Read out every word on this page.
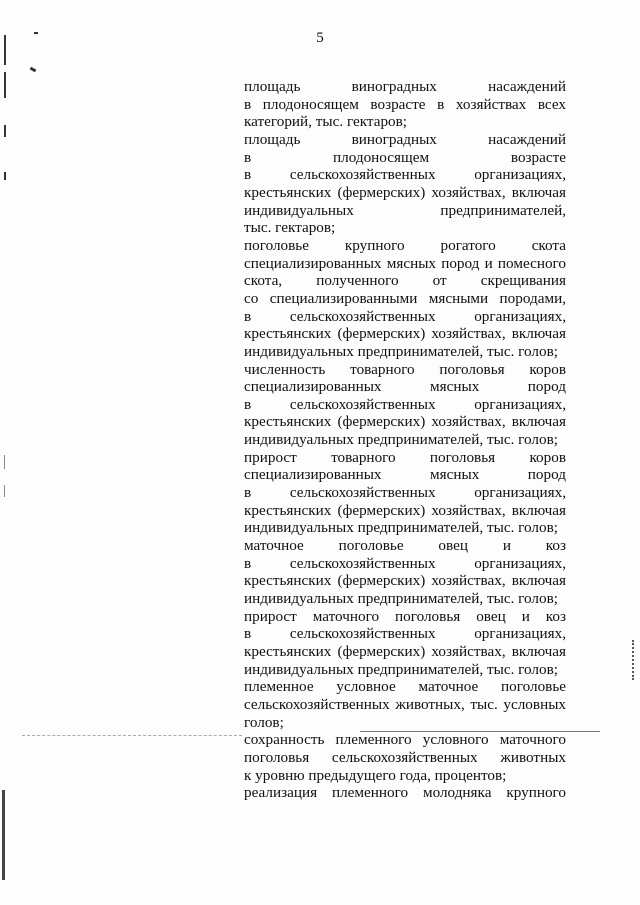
5

площадь виноградных насаждений
в плодоносящем возрасте в хозяйствах всех
категорий, тыс. гектаров;

площадь виноградных насаждений
в плодоносящем возрасте
в сельскохозяйственных организациях,
крестьянских (фермерских) хозяйствах, включая
индивидуальных предпринимателей,
тыс. гектаров;

поголовье крупного рогатого скота
специализированных мясных пород и помесного
скота, полученного от скрещивания
со специализированными мясными породами,
в сельскохозяйственных организациях,
крестьянских (фермерских) хозяйствах, включая
индивидуальных предпринимателей, тыс. голов;

численность товарного поголовья коров
специализированных мясных пород
в сельскохозяйственных организациях,
крестьянских (фермерских) хозяйствах, включая
индивидуальных предпринимателей, тыс. голов;

прирост товарного поголовья коров
специализированных мясных пород
в сельскохозяйственных организациях,
крестьянских (фермерских) хозяйствах, включая
индивидуальных предпринимателей, тыс. голов;

маточное поголовье овец и коз
в сельскохозяйственных организациях,
крестьянских (фермерских) хозяйствах, включая
индивидуальных предпринимателей, тыс. голов;

прирост маточного поголовья овец и коз
в сельскохозяйственных организациях,
крестьянских (фермерских) хозяйствах, включая
индивидуальных предпринимателей, тыс. голов;

племенное условное маточное поголовье
сельскохозяйственных животных, тыс. условных
голов;

сохранность племенного условного маточного
поголовья сельскохозяйственных животных
к уровню предыдущего года, процентов;

реализация племенного молодняка крупного
